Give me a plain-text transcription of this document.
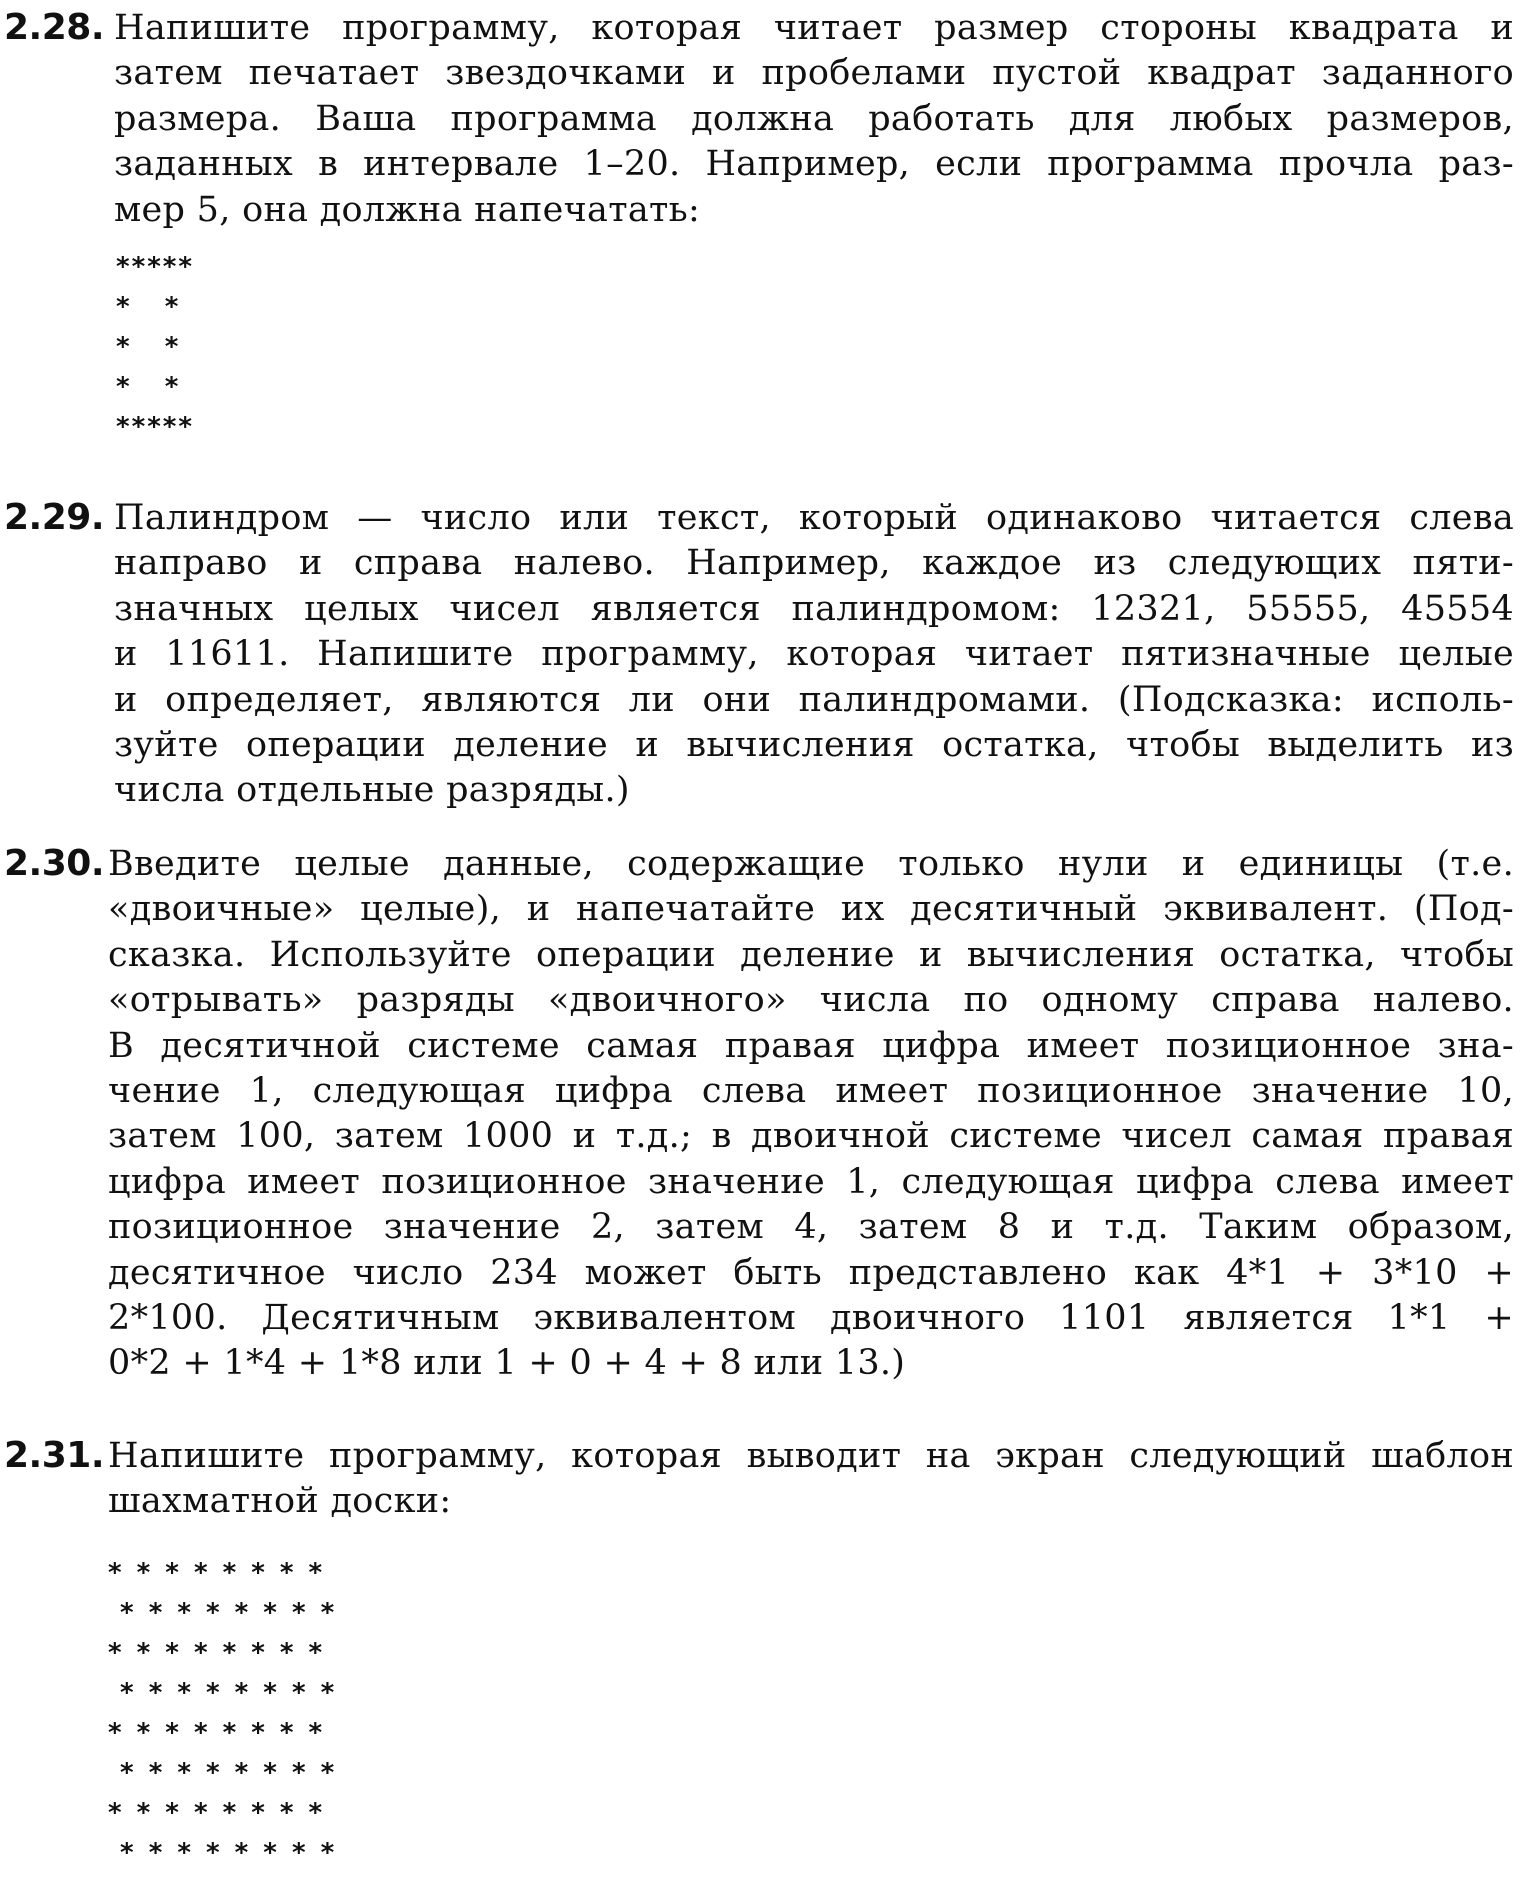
2.28. Напишите программу, которая читает размер стороны квадрата и
затем печатает звездочками и пробелами пустой квадрат заданного
размера. Ваша программа должна работать для любых размеров,
заданных в интервале 1–20. Например, если программа прочла раз-
мер 5, она должна напечатать:

*****

*   *

*   *

*   *

*****

2.29. Палиндром — число или текст, который одинаково читается слева
направо и справа налево. Например, каждое из следующих пяти-
значных целых чисел является палиндромом: 12321, 55555, 45554
и 11611. Напишите программу, которая читает пятизначные целые
и определяет, являются ли они палиндромами. (Подсказка: исполь-
зуйте операции деление и вычисления остатка, чтобы выделить из
числа отдельные разряды.)
2.30. Введите целые данные, содержащие только нули и единицы (т.е.
«двоичные» целые), и напечатайте их десятичный эквивалент. (Под-
сказка. Используйте операции деление и вычисления остатка, чтобы
«отрывать» разряды «двоичного» числа по одному справа налево.
В десятичной системе самая правая цифра имеет позиционное зна-
чение 1, следующая цифра слева имеет позиционное значение 10,
затем 100, затем 1000 и т.д.; в двоичной системе чисел самая правая
цифра имеет позиционное значение 1, следующая цифра слева имеет
позиционное значение 2, затем 4, затем 8 и т.д. Таким образом,
десятичное число 234 может быть представлено как 4*1 + 3*10 +
2*100. Десятичным эквивалентом двоичного 1101 является 1*1 +
0*2 + 1*4 + 1*8 или 1 + 0 + 4 + 8 или 13.)
2.31. Напишите программу, которая выводит на экран следующий шаблон
шахматной доски:

* * * * * * * *

* * * * * * * *

* * * * * * * *

* * * * * * * *

* * * * * * * *

* * * * * * * *

* * * * * * * *

* * * * * * * *
